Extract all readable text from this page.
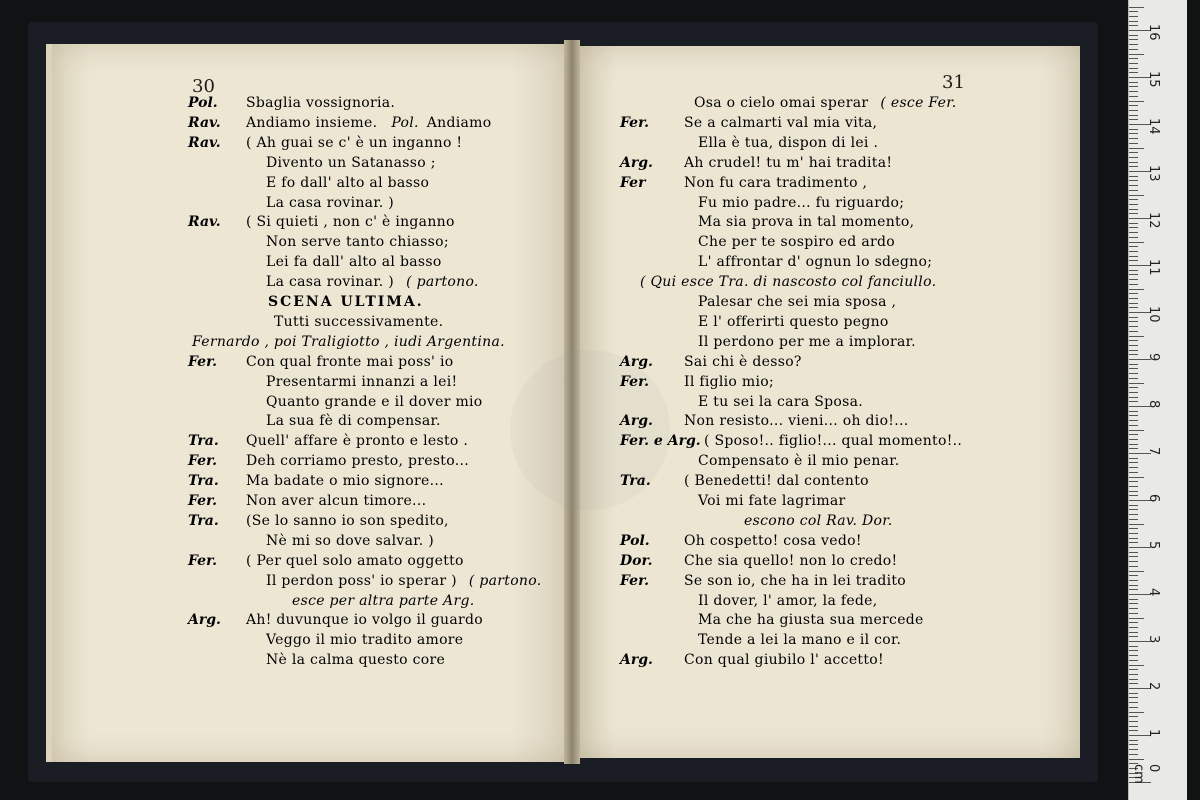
30	31
Pol. Sbaglia vossignoria.
Rav. Andiamo insieme. Pol. Andiamo
Rav. ( Ah guai se c' è un inganno !
Divento un Satanasso ;
E fo dall' alto al basso
La casa rovinar. )
Rav. ( Si quieti , non c' è inganno
Non serve tanto chiasso;
Lei fa dall' alto al basso
La casa rovinar. ) ( partono.
SCENA ULTIMA.
Tutti successivamente.
Fernardo , poi Traligiotto , iudi Argentina.
Fer. Con qual fronte mai poss' io
Presentarmi innanzi a lei!
Quanto grande e il dover mio
La sua fè di compensar.
Tra. Quell' affare è pronto e lesto .
Fer. Deh corriamo presto, presto...
Tra. Ma badate o mio signore...
Fer. Non aver alcun timore...
Tra. (Se lo sanno io son spedito,
Nè mi so dove salvar. )
Fer. ( Per quel solo amato oggetto
Il perdon poss' io sperar ) ( partono.
esce per altra parte Arg.
Arg. Ah! duvunque io volgo il guardo
Veggo il mio tradito amore
Nè la calma questo core
Osa o cielo omai sperar ( esce Fer.
Fer. Se a calmarti val mia vita,
Ella è tua, dispon di lei .
Arg. Ah crudel! tu m' hai tradita!
Fer	Non fu cara tradimento ,
Fu mio padre... fu riguardo;
Ma sia prova in tal momento,
Che per te sospiro ed ardo
L' affrontar d' ognun lo sdegno;
( Qui esce Tra. di nascosto col fanciullo.
Palesar che sei mia sposa ,
E l' offerirti questo pegno
Il perdono per me a implorar.
Arg. Sai chi è desso?
Fer. Il figlio mio;
E tu sei la cara Sposa.
Arg. Non resisto... vieni... oh dio!...
Fer. e Arg. ( Sposo!.. figlio!... qual momento!..
Compensato è il mio penar.
Tra. ( Benedetti! dal contento
Voi mi fate lagrimar
escono col Rav. Dor.
Pol. Oh cospetto! cosa vedo!
Dor. Che sia quello! non lo credo!
Fer. Se son io, che ha in lei tradito
Il dover, l' amor, la fede,
Ma che ha giusta sua mercede
Tende a lei la mano e il cor.
Arg. Con qual giubilo l' accetto!
0 cm
1
2
3
4
5
6
7
8
9
10
11
12
13
14
15
16
